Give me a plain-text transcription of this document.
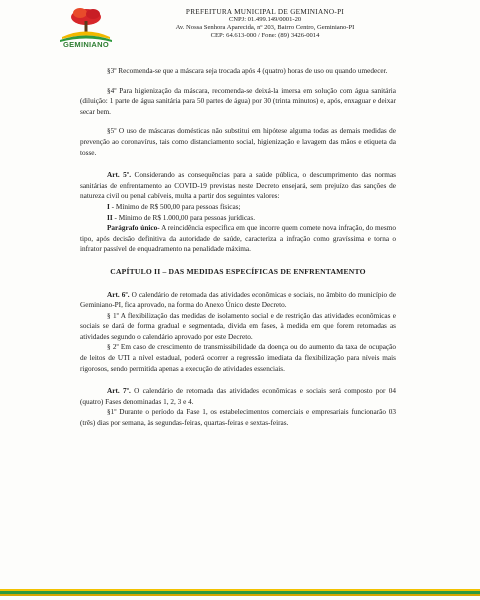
GEMINIANO
PREFEITURA MUNICIPAL DE GEMINIANO-PI
CNPJ: 01.499.149/0001-20
Av. Nossa Senhora Aparecida, nº 203, Bairro Centro, Geminiano-PI
CEP: 64.613-000 / Fone: (89) 3426-0014

§3º Recomenda-se que a máscara seja trocada após 4 (quatro) horas de uso ou quando umedecer.

§4º Para higienização da máscara, recomenda-se deixá-la imersa em solução com água sanitária (diluição: 1 parte de água sanitária para 50 partes de água) por 30 (trinta minutos) e, após, enxaguar e deixar secar bem.

§5º O uso de máscaras domésticas não substitui em hipótese alguma todas as demais medidas de prevenção ao coronavírus, tais como distanciamento social, higienização e lavagem das mãos e etiqueta da tosse.

Art. 5º. Considerando as consequências para a saúde pública, o descumprimento das normas sanitárias de enfrentamento ao COVID-19 previstas neste Decreto ensejará, sem prejuízo das sanções de natureza civil ou penal cabíveis, multa a partir dos seguintes valores:

I - Mínimo de R$ 500,00 para pessoas físicas;

II - Mínimo de R$ 1.000,00 para pessoas jurídicas.

Parágrafo único- A reincidência específica em que incorre quem comete nova infração, do mesmo tipo, após decisão definitiva da autoridade de saúde, caracteriza a infração como gravíssima e torna o infrator passível de enquadramento na penalidade máxima.

CAPÍTULO II – DAS MEDIDAS ESPECÍFICAS DE ENFRENTAMENTO

Art. 6º. O calendário de retomada das atividades econômicas e sociais, no âmbito do município de Geminiano-PI, fica aprovado, na forma do Anexo Único deste Decreto.

§ 1º A flexibilização das medidas de isolamento social e de restrição das atividades econômicas e sociais se dará de forma gradual e segmentada, divida em fases, à medida em que forem retomadas as atividades segundo o calendário aprovado por este Decreto.

§ 2º Em caso de crescimento de transmissibilidade da doença ou do aumento da taxa de ocupação de leitos de UTI a nível estadual, poderá ocorrer a regressão imediata da flexibilização para níveis mais rigorosos, sendo permitida apenas a execução de atividades essenciais.

Art. 7º. O calendário de retomada das atividades econômicas e sociais será composto por 04 (quatro) Fases denominadas 1, 2, 3 e 4.

§1º Durante o período da Fase 1, os estabelecimentos comerciais e empresariais funcionarão 03 (três) dias por semana, às segundas-feiras, quartas-feiras e sextas-feiras.
